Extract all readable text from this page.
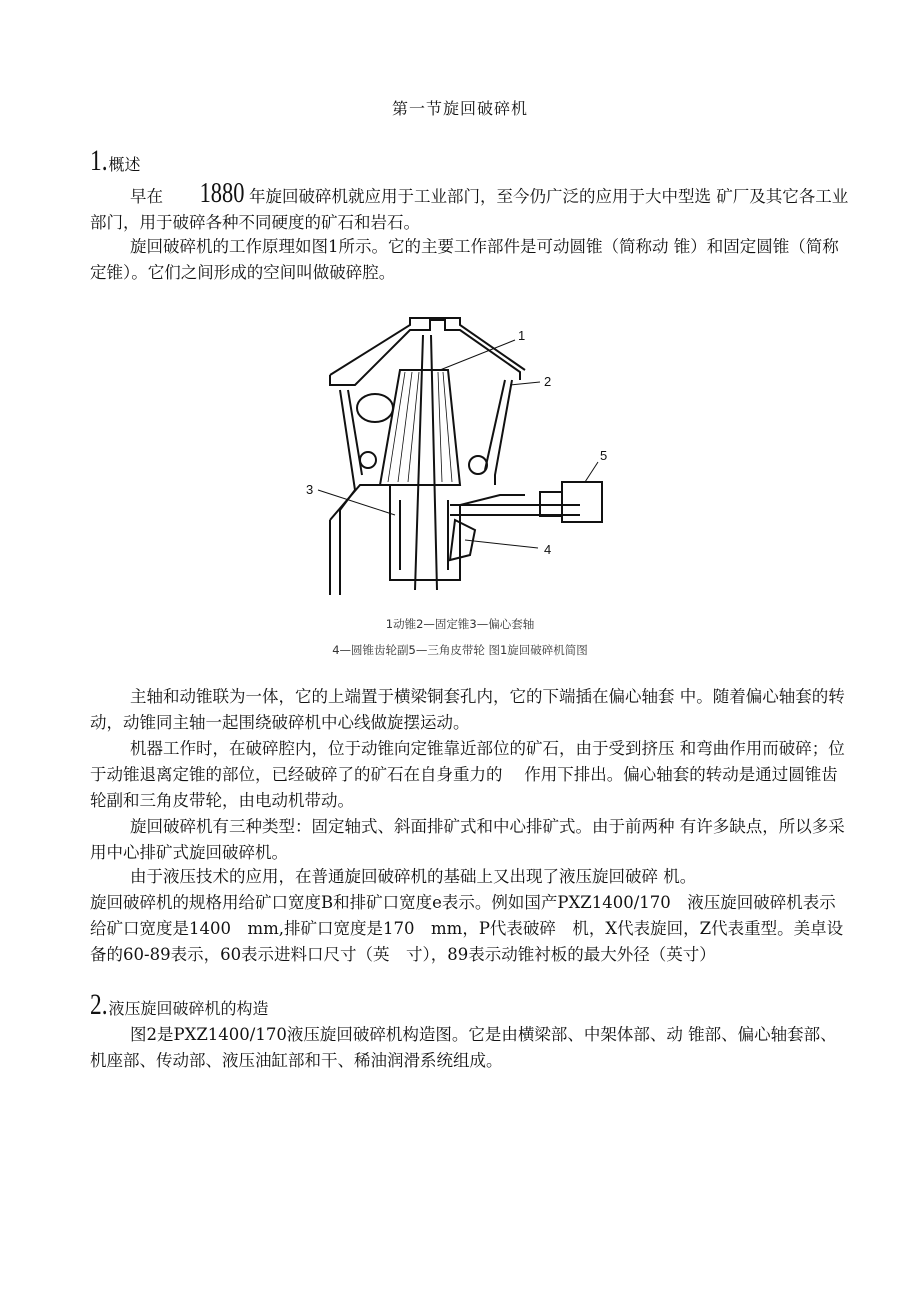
第一节旋回破碎机
1.概述
早在 1880 年旋回破碎机就应用于工业部门，至今仍广泛的应用于大中型选 矿厂及其它各工业部门，用于破碎各种不同硬度的矿石和岩石。
旋回破碎机的工作原理如图1所示。它的主要工作部件是可动圆锥（简称动 锥）和固定圆锥（简称定锥）。它们之间形成的空间叫做破碎腔。
1
2
3
4
5
1动锥2—固定锥3—偏心套轴
4—圆锥齿轮副5—三角皮带轮 图1旋回破碎机简图
主轴和动锥联为一体，它的上端置于横梁铜套孔内，它的下端插在偏心轴套 中。随着偏心轴套的转动，动锥同主轴一起围绕破碎机中心线做旋摆运动。
机器工作时，在破碎腔内，位于动锥向定锥靠近部位的矿石，由于受到挤压 和弯曲作用而破碎；位于动锥退离定锥的部位，已经破碎了的矿石在自身重力的　 作用下排出。偏心轴套的转动是通过圆锥齿轮副和三角皮带轮，由电动机带动。
旋回破碎机有三种类型：固定轴式、斜面排矿式和中心排矿式。由于前两种 有许多缺点，所以多采用中心排矿式旋回破碎机。
由于液压技术的应用，在普通旋回破碎机的基础上又出现了液压旋回破碎 机。
旋回破碎机的规格用给矿口宽度B和排矿口宽度e表示。例如国产PXZ1400/170　液压旋回破碎机表示给矿口宽度是1400　mm,排矿口宽度是170　mm，P代表破碎　机，X代表旋回，Z代表重型。美卓设备的60-89表示，60表示进料口尺寸（英　寸），89表示动锥衬板的最大外径（英寸）
2.液压旋回破碎机的构造
图2是PXZ1400/170液压旋回破碎机构造图。它是由横梁部、中架体部、动 锥部、偏心轴套部、机座部、传动部、液压油缸部和干、稀油润滑系统组成。
